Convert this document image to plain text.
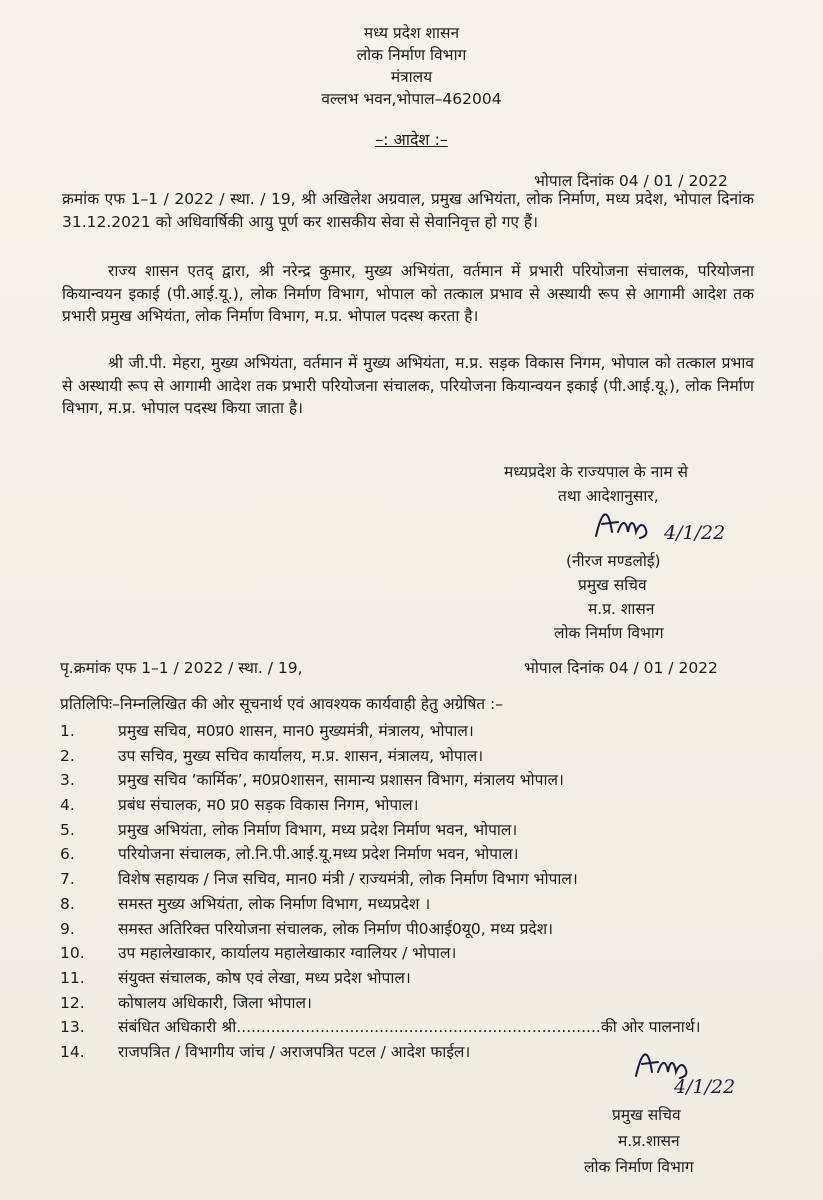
मध्य प्रदेश शासन
लोक निर्माण विभाग
मंत्रालय
वल्लभ भवन,भोपाल–462004
–: आदेश :–
भोपाल दिनांक 04 / 01 / 2022
क्रमांक एफ 1–1 / 2022 / स्था. / 19, श्री अखिलेश अग्रवाल, प्रमुख अभियंता, लोक निर्माण, मध्य प्रदेश, भोपाल दिनांक 31.12.2021 को अधिवार्षिकी आयु पूर्ण कर शासकीय सेवा से सेवानिवृत्त हो गए हैं।
राज्य शासन एतद् द्वारा, श्री नरेन्द्र कुमार, मुख्य अभियंता, वर्तमान में प्रभारी परियोजना संचालक, परियोजना कियान्वयन इकाई (पी.आई.यू.), लोक निर्माण विभाग, भोपाल को तत्काल प्रभाव से अस्थायी रूप से आगामी आदेश तक प्रभारी प्रमुख अभियंता, लोक निर्माण विभाग, म.प्र. भोपाल पदस्थ करता है।
श्री जी.पी. मेहरा, मुख्य अभियंता, वर्तमान में मुख्य अभियंता, म.प्र. सड़क विकास निगम, भोपाल को तत्काल प्रभाव से अस्थायी रूप से आगामी आदेश तक प्रभारी परियोजना संचालक, परियोजना कियान्वयन इकाई (पी.आई.यू.), लोक निर्माण विभाग, म.प्र. भोपाल पदस्थ किया जाता है।
मध्यप्रदेश के राज्यपाल के नाम से
तथा आदेशानुसार,
4/1/22
(नीरज मण्डलोई)
प्रमुख सचिव
म.प्र. शासन
लोक निर्माण विभाग
पृ.क्रमांक एफ 1–1 / 2022 / स्था. / 19,	भोपाल दिनांक 04 / 01 / 2022
प्रतिलिपिः–निम्नलिखित की ओर सूचनार्थ एवं आवश्यक कार्यवाही हेतु अग्रेषित :–
1.	प्रमुख सचिव, म0प्र0 शासन, मान0 मुख्यमंत्री, मंत्रालय, भोपाल।
2.	उप सचिव, मुख्य सचिव कार्यालय, म.प्र. शासन, मंत्रालय, भोपाल।
3.	प्रमुख सचिव ‘कार्मिक’, म0प्र0शासन, सामान्य प्रशासन विभाग, मंत्रालय भोपाल।
4.	प्रबंध संचालक, म0 प्र0 सड़क विकास निगम, भोपाल।
5.	प्रमुख अभियंता, लोक निर्माण विभाग, मध्य प्रदेश निर्माण भवन, भोपाल।
6.	परियोजना संचालक, लो.नि.पी.आई.यू.मध्य प्रदेश निर्माण भवन, भोपाल।
7.	विशेष सहायक / निज सचिव, मान0 मंत्री / राज्यमंत्री, लोक निर्माण विभाग भोपाल।
8.	समस्त मुख्य अभियंता, लोक निर्माण विभाग, मध्यप्रदेश ।
9.	समस्त अतिरिक्त परियोजना संचालक, लोक निर्माण पी0आई0यू0, मध्य प्रदेश।
10.	उप महालेखाकार, कार्यालय महालेखाकार ग्वालियर / भोपाल।
11.	संयुक्त संचालक, कोष एवं लेखा, मध्य प्रदेश भोपाल।
12.	कोषालय अधिकारी, जिला भोपाल।
13.	संबंधित अधिकारी श्री..........................................................................की ओर पालनार्थ।
14.	राजपत्रित / विभागीय जांच / अराजपत्रित पटल / आदेश फाईल।
4/1/22
प्रमुख सचिव
म.प्र.शासन
लोक निर्माण विभाग
